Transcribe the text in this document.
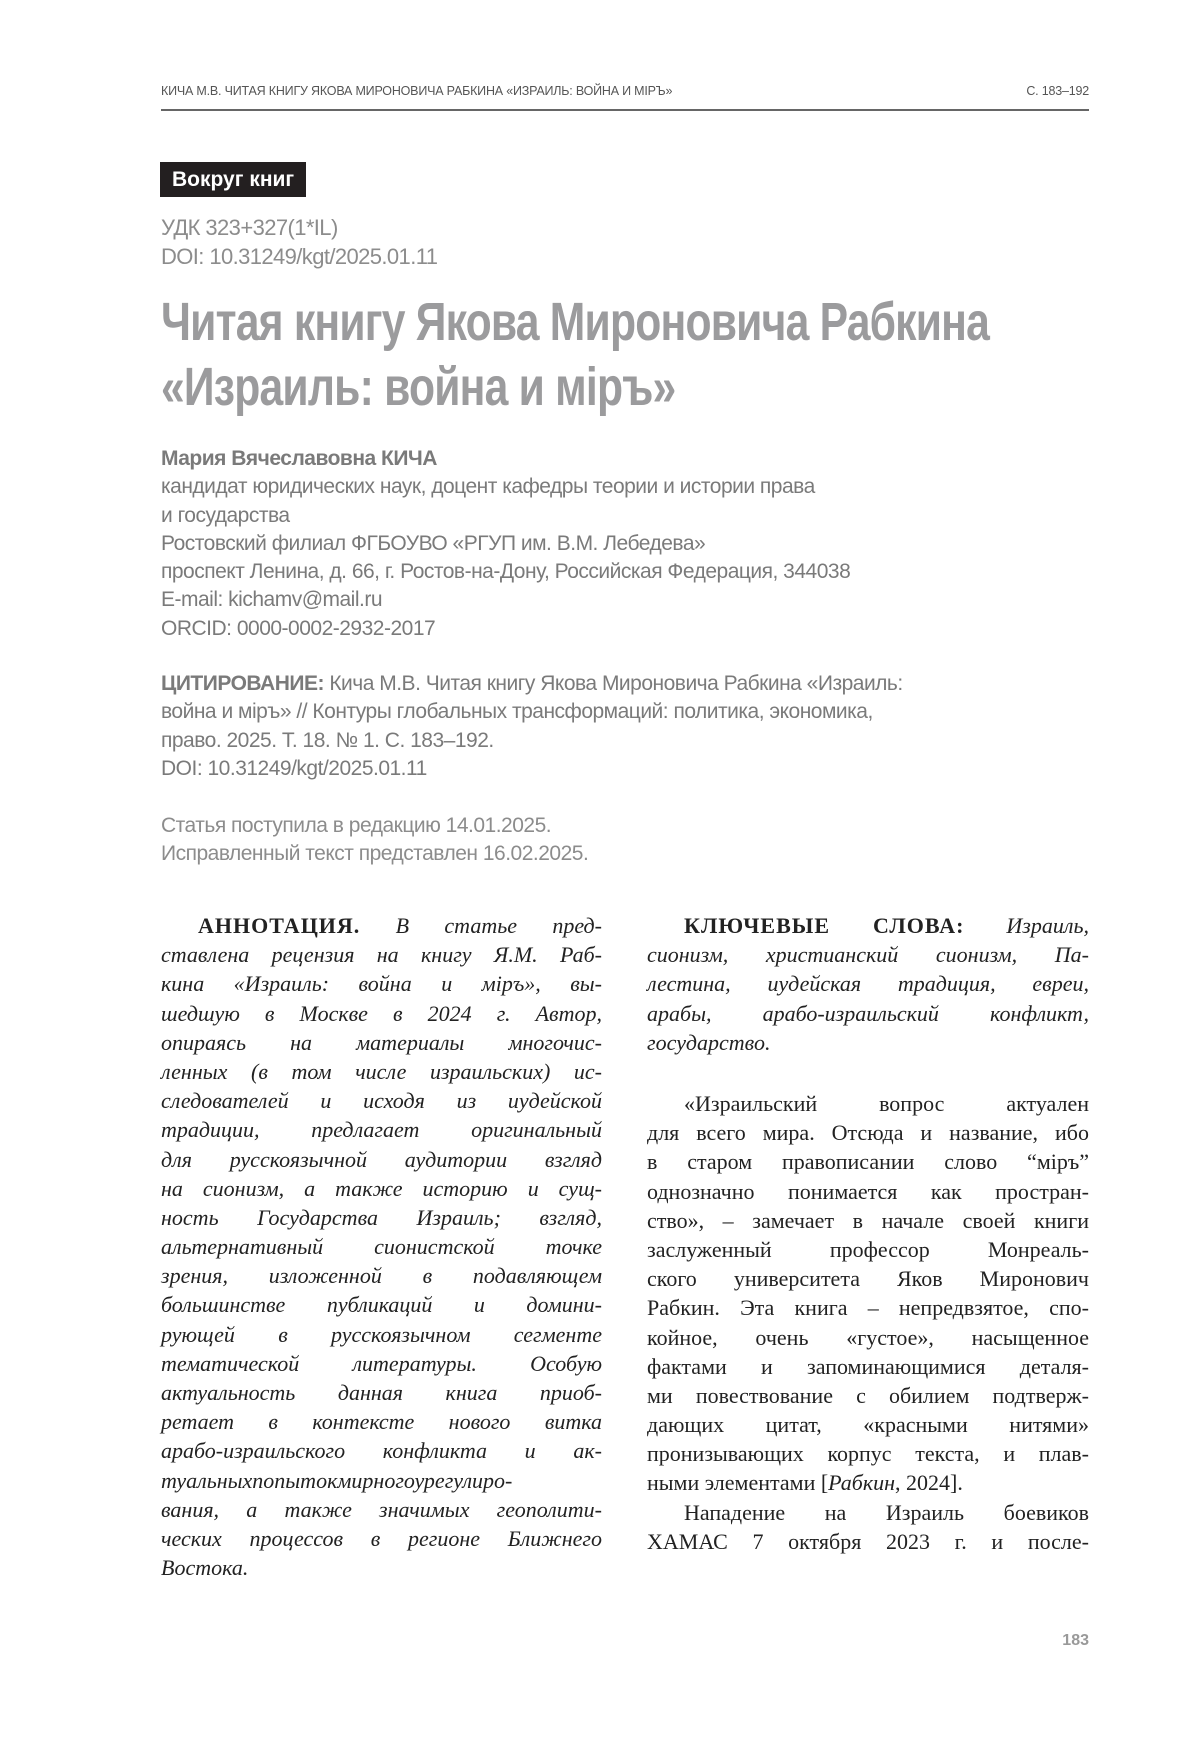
КИЧА М.В. ЧИТАЯ КНИГУ ЯКОВА МИРОНОВИЧА РАБКИНА «ИЗРАИЛЬ: ВОЙНА И МІРЪ»	С. 183–192
Вокруг книг
УДК 323+327(1*IL)
DOI: 10.31249/kgt/2025.01.11
Читая книгу Якова Мироновича Рабкина
«Израиль: война и міръ»
Мария Вячеславовна КИЧА
кандидат юридических наук, доцент кафедры теории и истории права
и государства
Ростовский филиал ФГБОУВО «РГУП им. В.М. Лебедева»
проспект Ленина, д. 66, г. Ростов-на-Дону, Российская Федерация, 344038
E-mail: kichamv@mail.ru
ORCID: 0000-0002-2932-2017
ЦИТИРОВАНИЕ: Кича М.В. Читая книгу Якова Мироновича Рабкина «Израиль:
война и міръ» // Контуры глобальных трансформаций: политика, экономика,
право. 2025. Т. 18. № 1. С. 183–192.
DOI: 10.31249/kgt/2025.01.11
Статья поступила в редакцию 14.01.2025.
Исправленный текст представлен 16.02.2025.
АННОТАЦИЯ. В статье пред-
ставлена рецензия на книгу Я.М. Раб-
кина «Израиль: война и міръ», вы-
шедшую в Москве в 2024 г. Автор,
опираясь на материалы многочис-
ленных (в том числе израильских) ис-
следователей и исходя из иудейской
традиции, предлагает оригинальный
для русскоязычной аудитории взгляд
на сионизм, а также историю и сущ-
ность Государства Израиль; взгляд,
альтернативный сионистской точке
зрения, изложенной в подавляющем
большинстве публикаций и домини-
рующей в русскоязычном сегменте
тематической литературы. Особую
актуальность данная книга приоб-
ретает в контексте нового витка
арабо-израильского конфликта и ак-
туальныхпопытокмирногоурегулиро-
вания, а также значимых геополити-
ческих процессов в регионе Ближнего
Востока.
КЛЮЧЕВЫЕ СЛОВА: Израиль,
сионизм, христианский сионизм, Па-
лестина, иудейская традиция, евреи,
арабы, арабо-израильский конфликт,
государство.
«Израильский вопрос актуален
для всего мира. Отсюда и название, ибо
в старом правописании слово “міръ”
однозначно понимается как простран-
ство», – замечает в начале своей книги
заслуженный профессор Монреаль-
ского университета Яков Миронович
Рабкин. Эта книга – непредвзятое, спо-
койное, очень «густое», насыщенное
фактами и запоминающимися деталя-
ми повествование с обилием подтверж-
дающих цитат, «красными нитями»
пронизывающих корпус текста, и плав-
ными элементами [Рабкин, 2024].
Нападение на Израиль боевиков
ХАМАС 7 октября 2023 г. и после-
183
